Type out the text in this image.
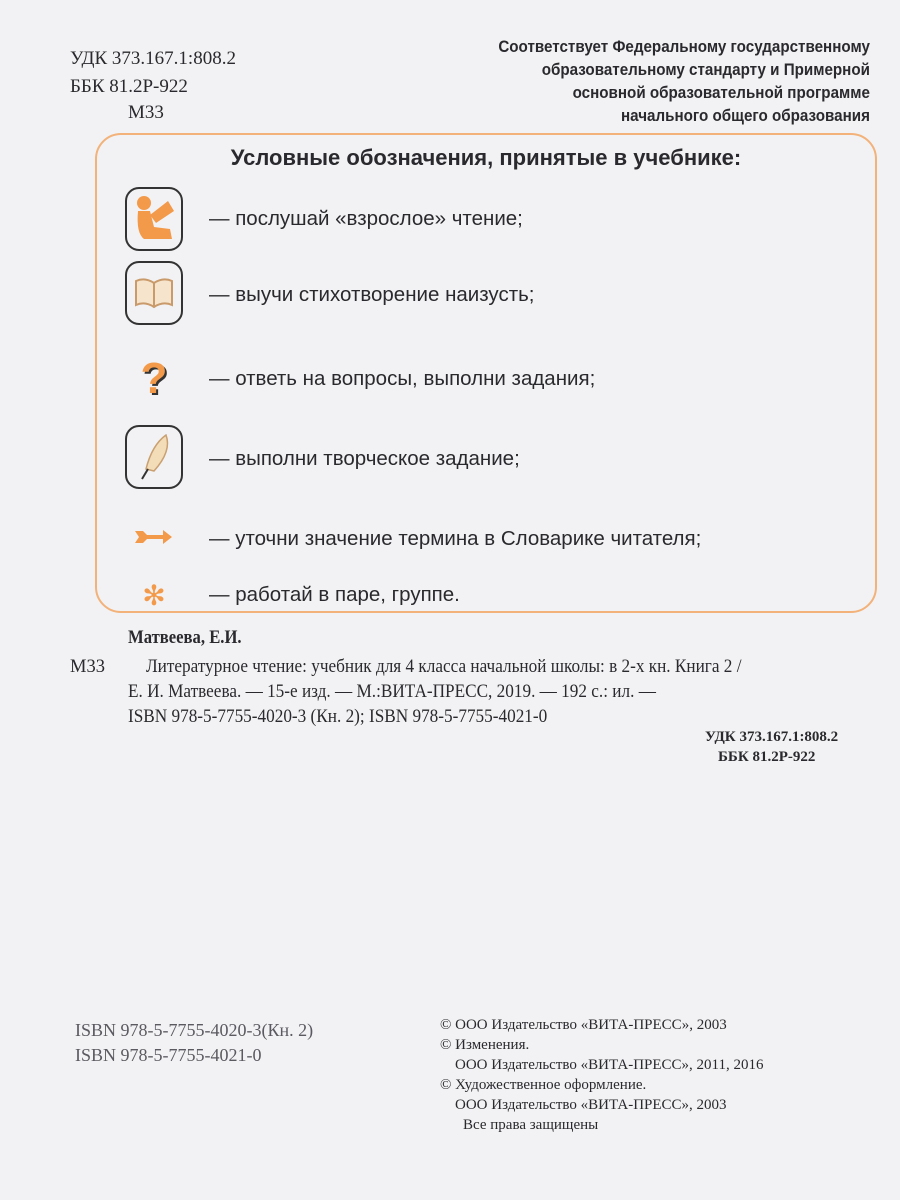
УДК 373.167.1:808.2
ББК 81.2Р-922
М33
Соответствует Федеральному государственному
образовательному стандарту и Примерной
основной образовательной программе
начального общего образования
Условные обозначения, принятые в учебнике:
— послушай «взрослое» чтение;
— выучи стихотворение наизусть;
? — ответь на вопросы, выполни задания;
— выполни творческое задание;
— уточни значение термина в Словарике читателя;
✻ — работай в паре, группе.
Матвеева, Е.И.
М33 Литературное чтение: учебник для 4 класса начальной школы: в 2-х кн. Книга 2 /
Е. И. Матвеева. — 15-е изд. — М.:ВИТА-ПРЕСС, 2019. — 192 с.: ил. —
ISBN 978-5-7755-4020-3 (Кн. 2); ISBN 978-5-7755-4021-0
УДК 373.167.1:808.2
ББК 81.2Р-922
ISBN 978-5-7755-4020-3(Кн. 2)
ISBN 978-5-7755-4021-0
© ООО Издательство «ВИТА-ПРЕСС», 2003
© Изменения.
ООО Издательство «ВИТА-ПРЕСС», 2011, 2016
© Художественное оформление.
ООО Издательство «ВИТА-ПРЕСС», 2003
Все права защищены
